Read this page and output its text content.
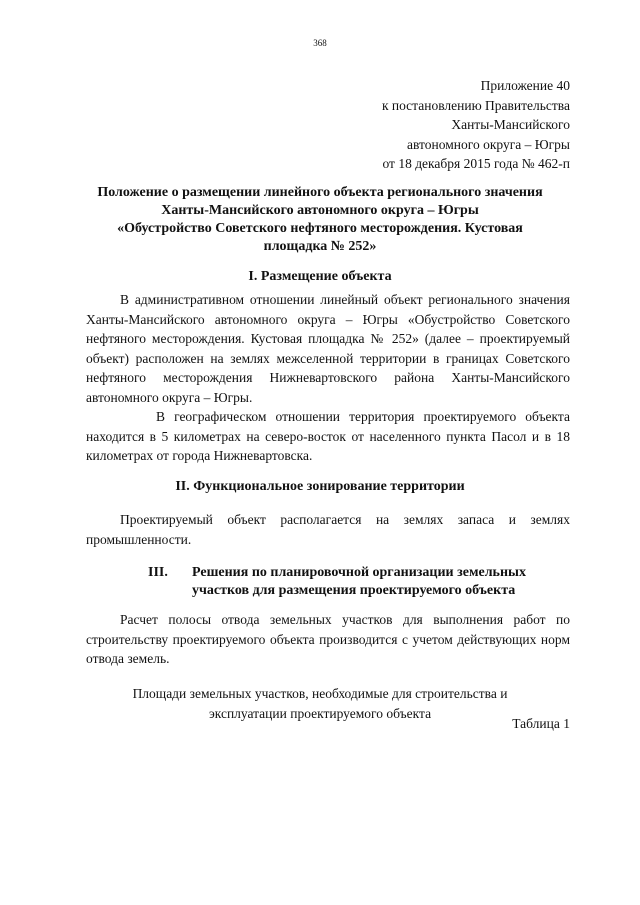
368
Приложение 40
к постановлению Правительства
Ханты-Мансийского
автономного округа – Югры
от 18 декабря 2015 года № 462-п
Положение о размещении линейного объекта регионального значения
Ханты-Мансийского автономного округа – Югры
«Обустройство Советского нефтяного месторождения. Кустовая
площадка № 252»
I. Размещение объекта

В административном отношении линейный объект регионального значения Ханты-Мансийского автономного округа – Югры «Обустройство Советского нефтяного месторождения. Кустовая площадка № 252» (далее – проектируемый объект) расположен на землях межселенной территории в границах Советского нефтяного месторождения Нижневартовского района Ханты-Мансийского автономного округа – Югры.

В географическом отношении территория проектируемого объекта находится в 5 километрах на северо-восток от населенного пункта Пасол и в 18 километрах от города Нижневартовска.

II. Функциональное зонирование территории

Проектируемый объект располагается на землях запаса и землях промышленности.

III. Решения по планировочной организации земельных
участков для размещения проектируемого объекта

Расчет полосы отвода земельных участков для выполнения работ по строительству проектируемого объекта производится с учетом действующих норм отвода земель.

Площади земельных участков, необходимые для строительства и
эксплуатации проектируемого объекта
Таблица 1
